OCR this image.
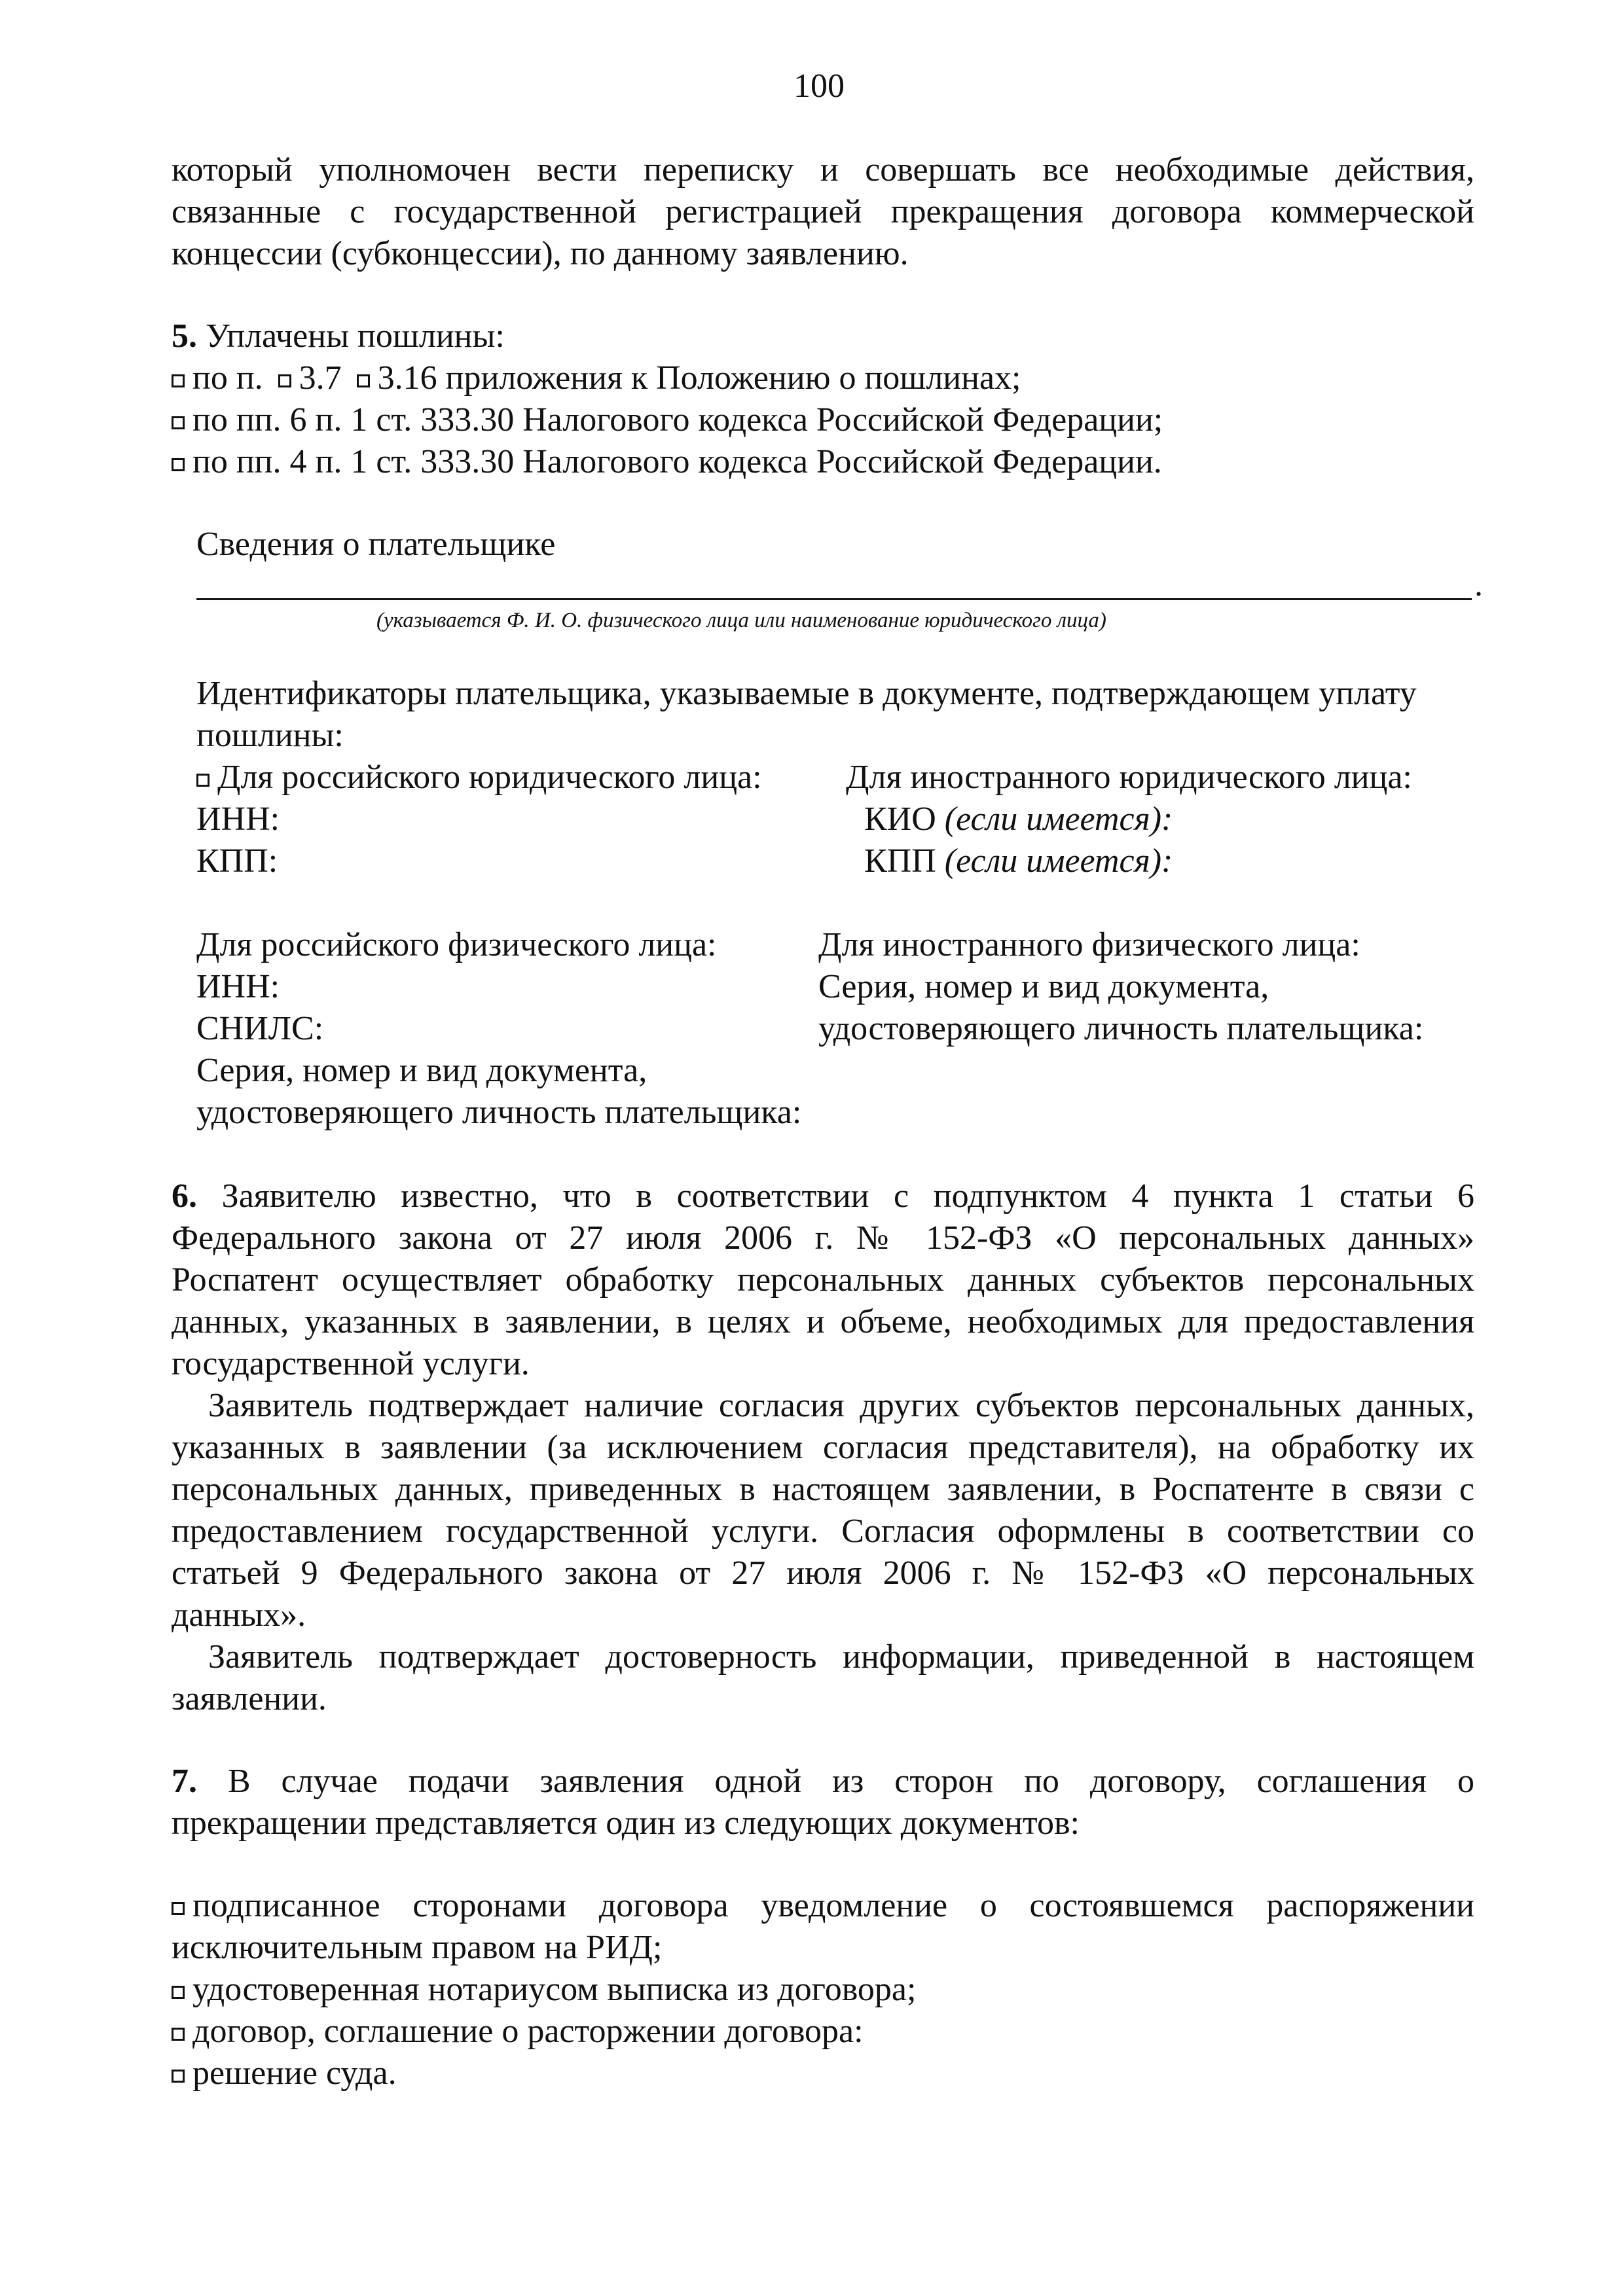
100
который уполномочен вести переписку и совершать все необходимые действия,
связанные с государственной регистрацией прекращения договора коммерческой
концессии (субконцессии), по данному заявлению.
5. Уплачены пошлины:
по п. 3.7 3.16 приложения к Положению о пошлинах;
по пп. 6 п. 1 ст. 333.30 Налогового кодекса Российской Федерации;
по пп. 4 п. 1 ст. 333.30 Налогового кодекса Российской Федерации.
Сведения о плательщике
.
(указывается Ф. И. О. физического лица или наименование юридического лица)
Идентификаторы плательщика, указываемые в документе, подтверждающем уплату
пошлины:
Для российского юридического лица:
ИНН:
КПП:
Для иностранного юридического лица:
КИО (если имеется):
КПП (если имеется):
Для российского физического лица:
ИНН:
СНИЛС:
Серия, номер и вид документа,
удостоверяющего личность плательщика:
Для иностранного физического лица:
Серия, номер и вид документа,
удостоверяющего личность плательщика:
6. Заявителю известно, что в соответствии с подпунктом 4 пункта 1 статьи 6
Федерального закона от 27 июля 2006 г. № 152-ФЗ «О персональных данных»
Роспатент осуществляет обработку персональных данных субъектов персональных
данных, указанных в заявлении, в целях и объеме, необходимых для предоставления
государственной услуги.
Заявитель подтверждает наличие согласия других субъектов персональных данных,
указанных в заявлении (за исключением согласия представителя), на обработку их
персональных данных, приведенных в настоящем заявлении, в Роспатенте в связи с
предоставлением государственной услуги. Согласия оформлены в соответствии со
статьей 9 Федерального закона от 27 июля 2006 г. № 152-ФЗ «О персональных
данных».
Заявитель подтверждает достоверность информации, приведенной в настоящем
заявлении.
7. В случае подачи заявления одной из сторон по договору, соглашения о
прекращении представляется один из следующих документов:
подписанное сторонами договора уведомление о состоявшемся распоряжении
исключительным правом на РИД;
удостоверенная нотариусом выписка из договора;
договор, соглашение о расторжении договора:
решение суда.
